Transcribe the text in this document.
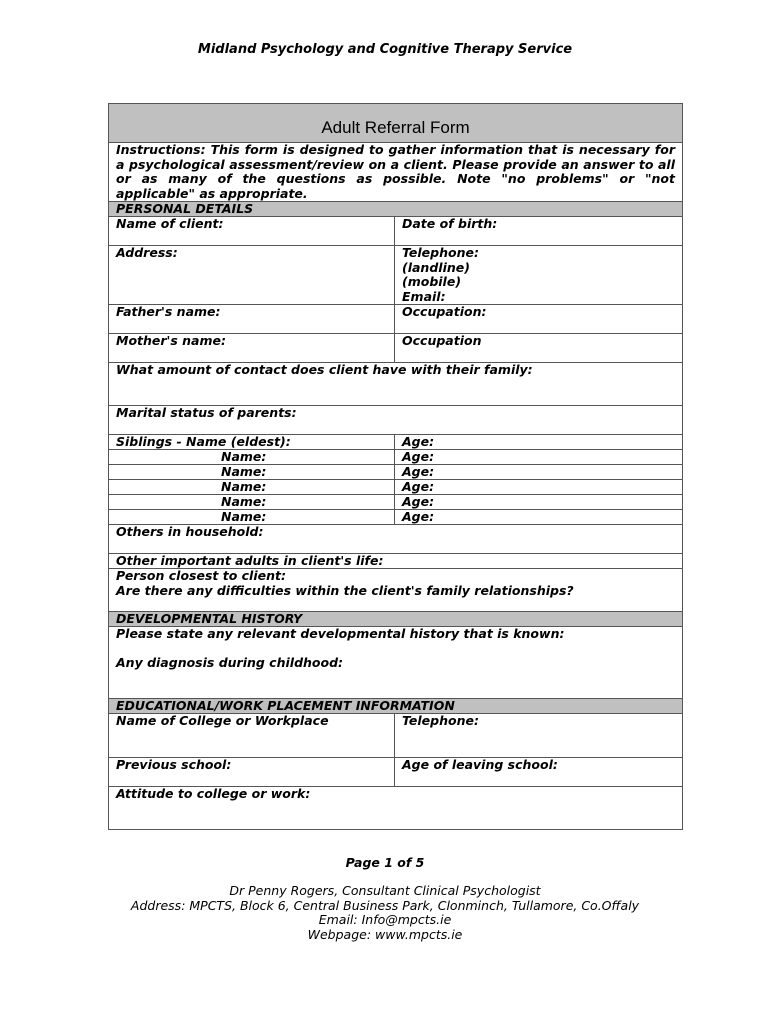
Midland Psychology and Cognitive Therapy Service
Adult Referral Form
Instructions: This form is designed to gather information that is necessary for a psychological assessment/review on a client. Please provide an answer to all or as many of the questions as possible. Note "no problems" or "not applicable" as appropriate.
PERSONAL DETAILS
Name of client:	Date of birth:
Address:	Telephone:
(landline)
(mobile)
Email:
Father's name:	Occupation:
Mother's name:	Occupation
What amount of contact does client have with their family:
Marital status of parents:
Siblings - Name (eldest):	Age:
Name:	Age:
Name:	Age:
Name:	Age:
Name:	Age:
Name:	Age:
Others in household:
Other important adults in client's life:
Person closest to client:
Are there any difficulties within the client's family relationships?
DEVELOPMENTAL HISTORY
Please state any relevant developmental history that is known:
Any diagnosis during childhood:
EDUCATIONAL/WORK PLACEMENT INFORMATION
Name of College or Workplace	Telephone:
Previous school:	Age of leaving school:
Attitude to college or work:
Page 1 of 5
Dr Penny Rogers, Consultant Clinical Psychologist
Address: MPCTS, Block 6, Central Business Park, Clonminch, Tullamore, Co.Offaly
Email: Info@mpcts.ie
Webpage: www.mpcts.ie
